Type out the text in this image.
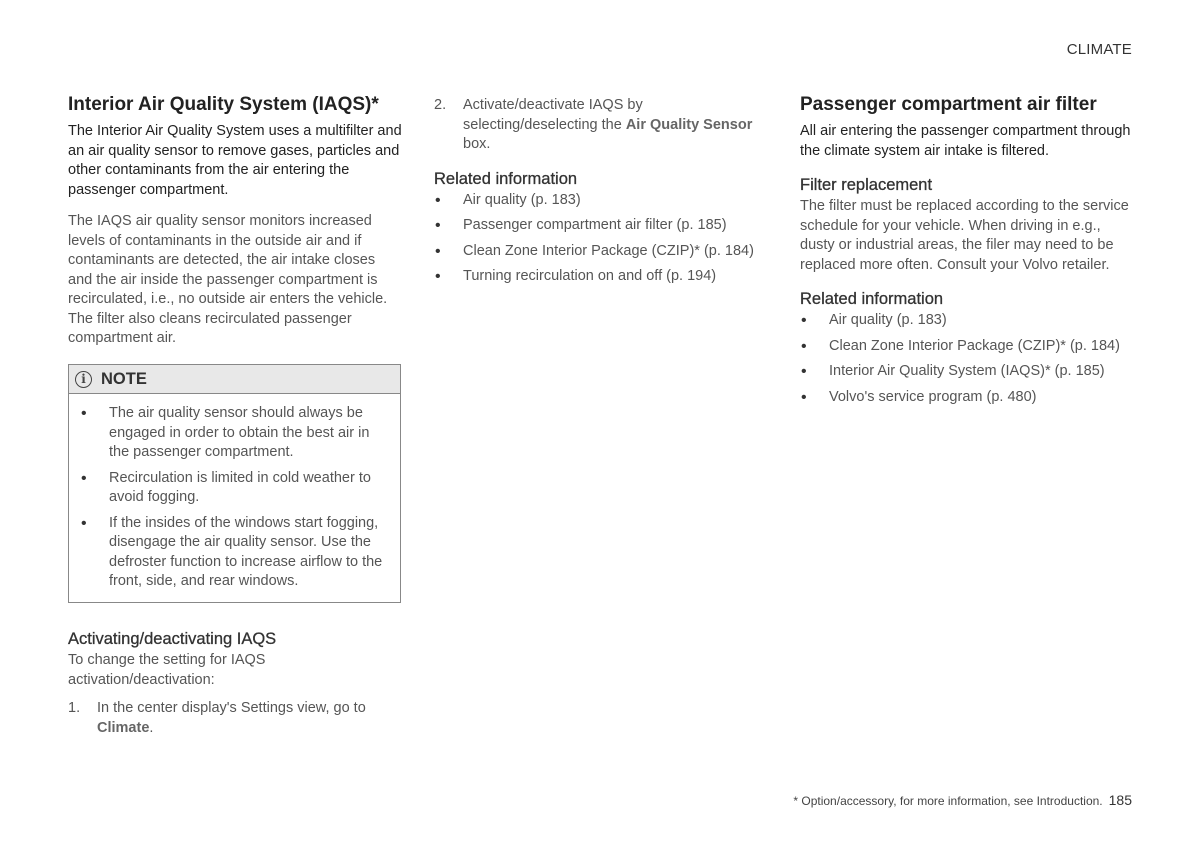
CLIMATE
Interior Air Quality System (IAQS)*

The Interior Air Quality System uses a multifilter and an air quality sensor to remove gases, particles and other contaminants from the air entering the passenger compartment.

The IAQS air quality sensor monitors increased levels of contaminants in the outside air and if contaminants are detected, the air intake closes and the air inside the passenger compartment is recirculated, i.e., no outside air enters the vehicle. The filter also cleans recirculated passenger compartment air.

i NOTE
• The air quality sensor should always be engaged in order to obtain the best air in the passenger compartment.
• Recirculation is limited in cold weather to avoid fogging.
• If the insides of the windows start fogging, disengage the air quality sensor. Use the defroster function to increase airflow to the front, side, and rear windows.
Activating/deactivating IAQS

To change the setting for IAQS activation/deactivation:

1. In the center display's Settings view, go to Climate.
2. Activate/deactivate IAQS by selecting/deselecting the Air Quality Sensor box.
Related information
• Air quality (p. 183)
• Passenger compartment air filter (p. 185)
• Clean Zone Interior Package (CZIP)* (p. 184)
• Turning recirculation on and off (p. 194)
Passenger compartment air filter

All air entering the passenger compartment through the climate system air intake is filtered.

Filter replacement

The filter must be replaced according to the service schedule for your vehicle. When driving in e.g., dusty or industrial areas, the filer may need to be replaced more often. Consult your Volvo retailer.

Related information
• Air quality (p. 183)
• Clean Zone Interior Package (CZIP)* (p. 184)
• Interior Air Quality System (IAQS)* (p. 185)
• Volvo's service program (p. 480)
* Option/accessory, for more information, see Introduction. 185
